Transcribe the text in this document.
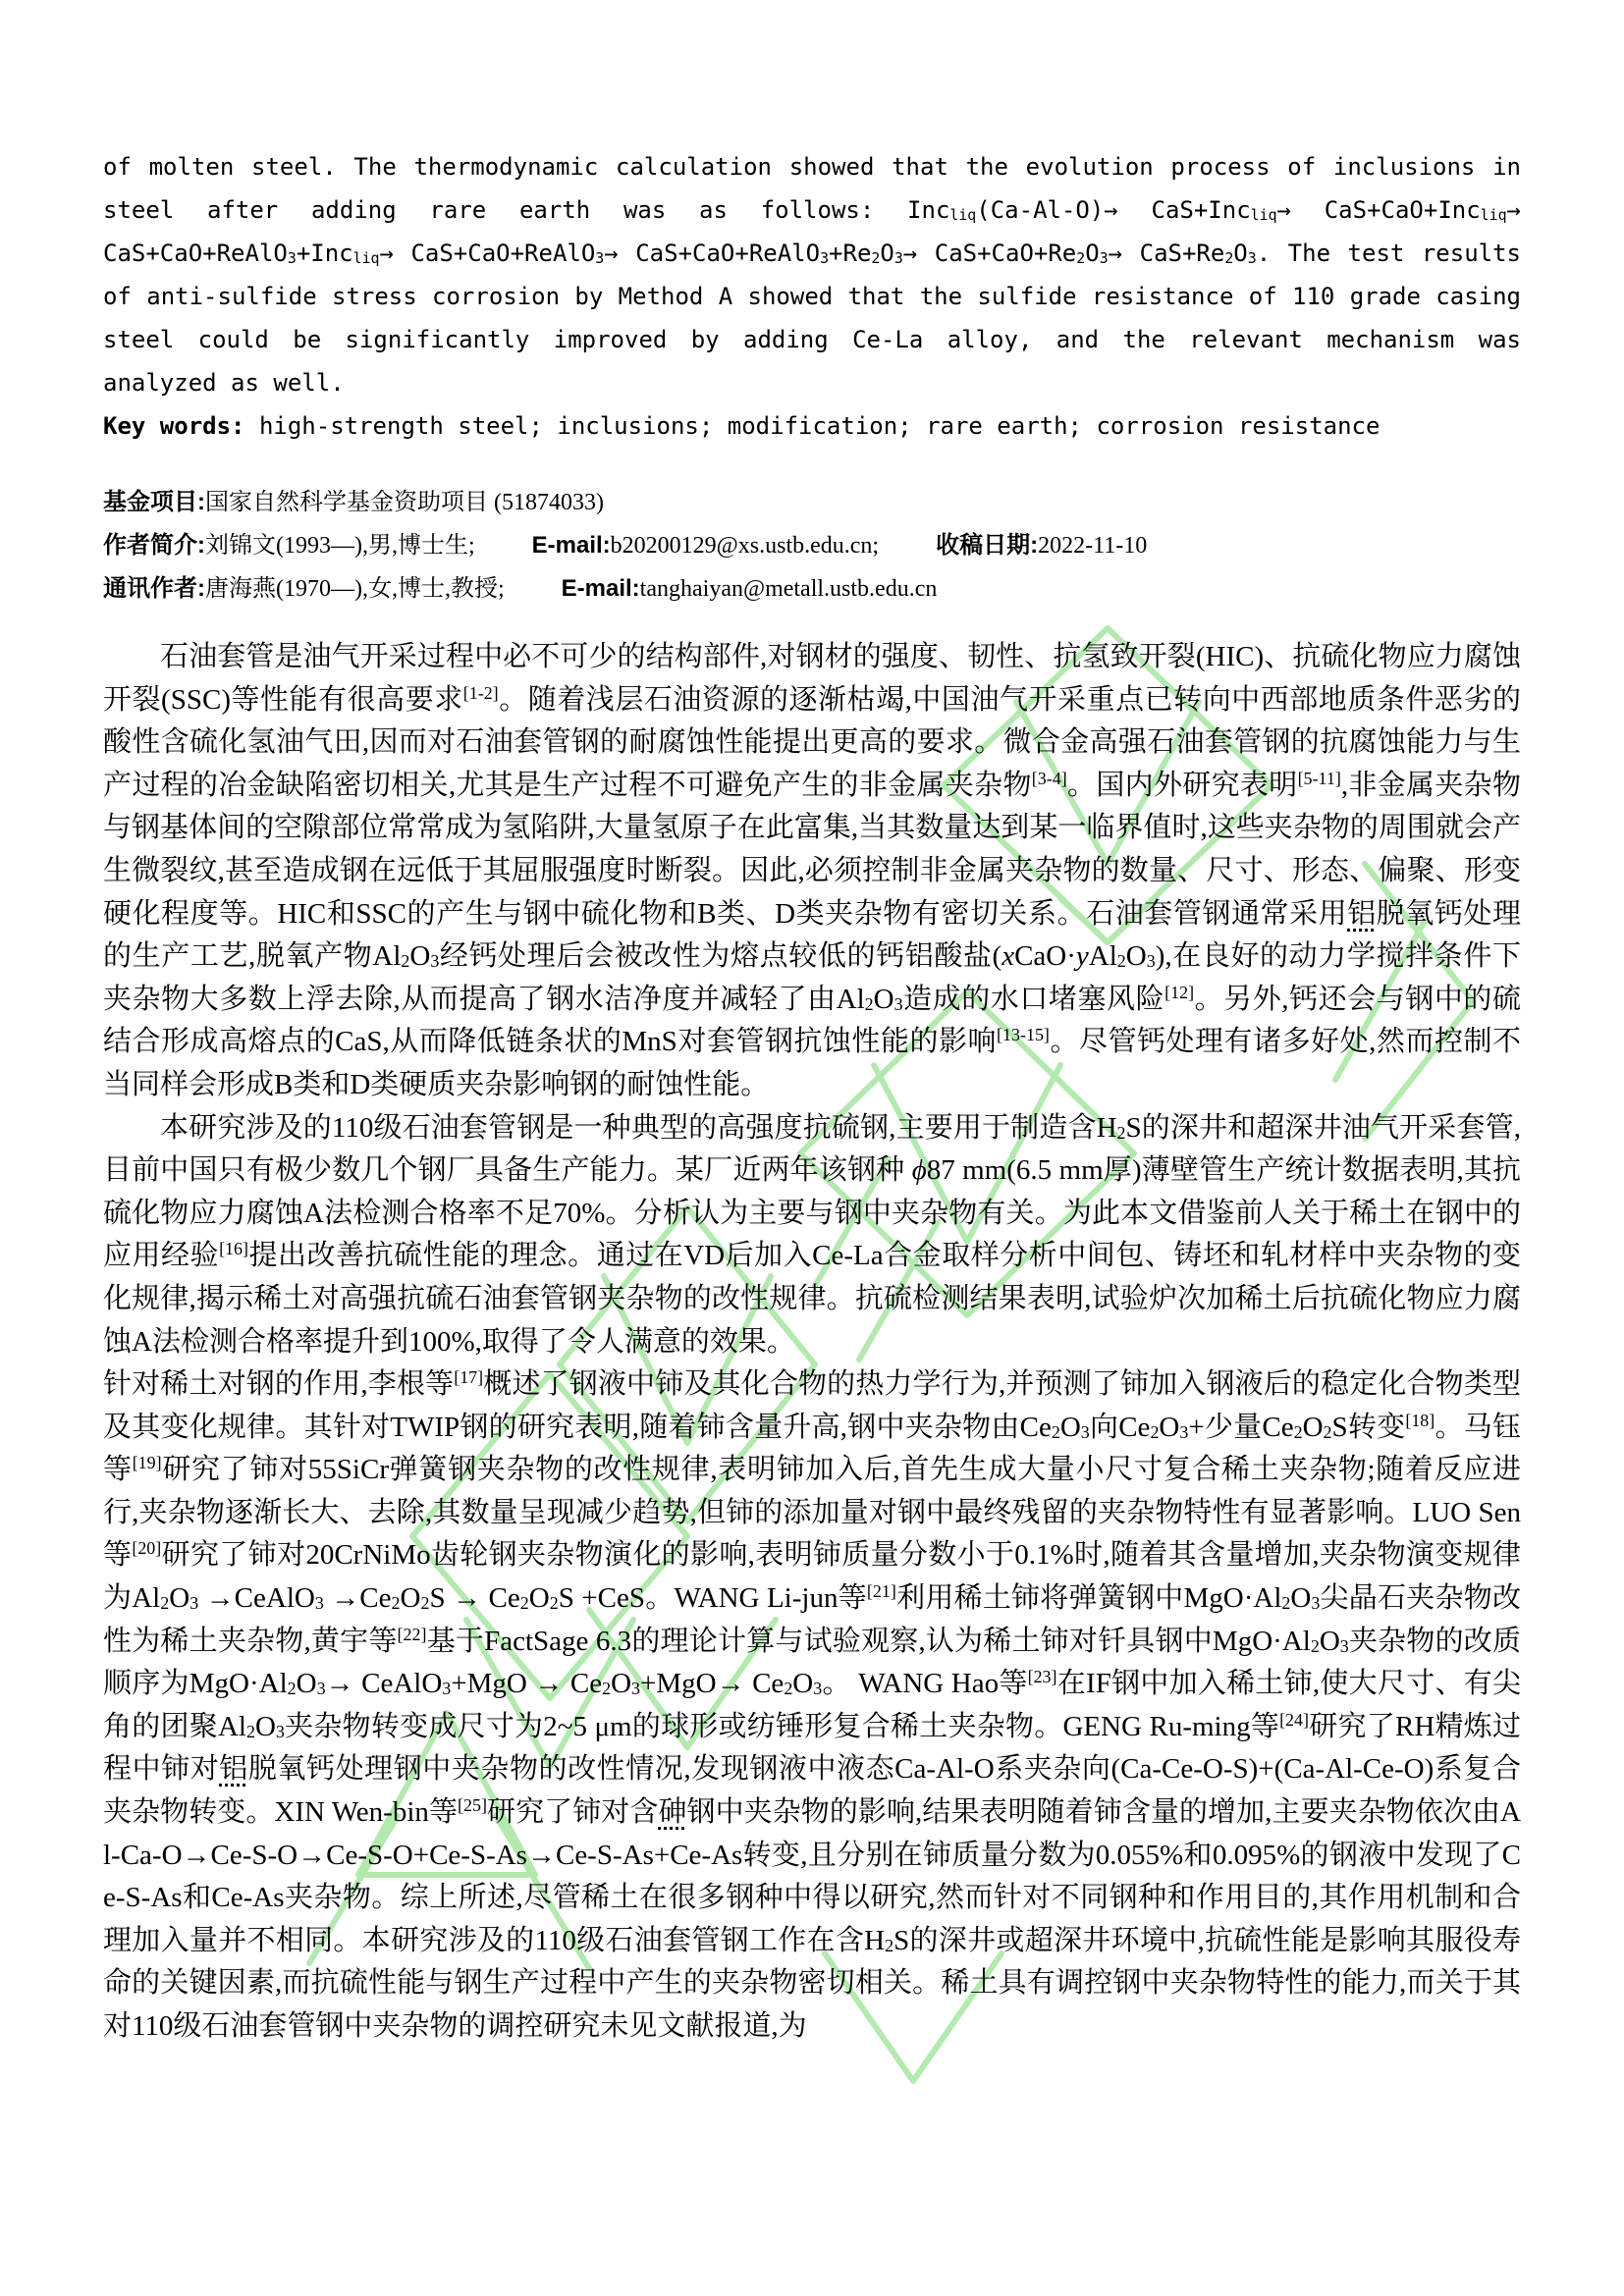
of molten steel. The thermodynamic calculation showed that the evolution process of inclusions in steel after adding rare earth was as follows: Inc$_{liq}$(Ca-Al-O)→ CaS+Inc$_{liq}$→ CaS+CaO+Inc$_{liq}$→ CaS+CaO+ReAlO$_3$+Inc$_{liq}$→ CaS+CaO+ReAlO$_3$→ $CaS+CaO+ReAlO_3+Re_2O_3\to CaS+CaO+Re_2O_3\to CaS+Re_2O_3$. The test results of anti-sulfide stress corrosion by Method A showed that the sulfide resistance of 110 grade casing steel could be significantly improved by adding Ce-La alloy, and the relevant mechanism was analyzed as well.

Key words: high-strength steel; inclusions; modification; rare earth; corrosion resistance

基金项目:国家自然科学基金资助项目 (51874033)
作者简介:刘锦文(1993—),男,博士生; E-mail:b20200129@xs.ustb.edu.cn; 收稿日期:2022-11-10
通讯作者:唐海燕(1970—),女,博士,教授; E-mail:tanghaiyan@metall.ustb.edu.cn

石油套管是油气开采过程中必不可少的结构部件,对钢材的强度、韧性、抗氢致开裂(HIC)、抗硫化物应力腐蚀开裂(SSC)等性能有很高要求[1-2]。随着浅层石油资源的逐渐枯竭,中国油气开采重点已转向中西部地质条件恶劣的酸性含硫化氢油气田,因而对石油套管钢的耐腐蚀性能提出更高的要求。微合金高强石油套管钢的抗腐蚀能力与生产过程的冶金缺陷密切相关,尤其是生产过程不可避免产生的非金属夹杂物[3-4]。国内外研究表明[5-11],非金属夹杂物与钢基体间的空隙部位常常成为氢陷阱,大量氢原子在此富集,当其数量达到某一临界值时,这些夹杂物的周围就会产生微裂纹,甚至造成钢在远低于其屈服强度时断裂。因此,必须控制非金属夹杂物的数量、尺寸、形态、偏聚、形变硬化程度等。HIC和SSC的产生与钢中硫化物和B类、D类夹杂物有密切关系。石油套管钢通常采用铝脱氧钙处理的生产工艺,脱氧产物$Al_2O_3$经钙处理后会被改性为熔点较低的钙铝酸盐$(xCaO\cdot yAl_2O_3)$,在良好的动力学搅拌条件下夹杂物大多数上浮去除,从而提高了钢水洁净度并减轻了由$Al_2O_3$造成的水口堵塞风险[12]。另外,钙还会与钢中的硫结合形成高熔点的CaS,从而降低链条状的MnS对套管钢抗蚀性能的影响[13-15]。尽管钙处理有诸多好处,然而控制不当同样会形成B类和D类硬质夹杂影响钢的耐蚀性能。

本研究涉及的110级石油套管钢是一种典型的高强度抗硫钢,主要用于制造含$H_2S$的深井和超深井油气开采套管,目前中国只有极少数几个钢厂具备生产能力。某厂近两年该钢种 ϕ87 mm(6.5 mm厚)薄壁管生产统计数据表明,其抗硫化物应力腐蚀A法检测合格率不足70%。分析认为主要与钢中夹杂物有关。为此本文借鉴前人关于稀土在钢中的应用经验[16]提出改善抗硫性能的理念。通过在VD后加入Ce-La合金取样分析中间包、铸坯和轧材样中夹杂物的变化规律,揭示稀土对高强抗硫石油套管钢夹杂物的改性规律。抗硫检测结果表明,试验炉次加稀土后抗硫化物应力腐蚀A法检测合格率提升到100%,取得了令人满意的效果。

针对稀土对钢的作用,李根等[17]概述了钢液中铈及其化合物的热力学行为,并预测了铈加入钢液后的稳定化合物类型及其变化规律。其针对TWIP钢的研究表明,随着铈含量升高,钢中夹杂物由$Ce_2O_3$向$Ce_2O_3+$少量$Ce_2O_2S$转变[18]。马钰等[19]研究了铈对55SiCr弹簧钢夹杂物的改性规律,表明铈加入后,首先生成大量小尺寸复合稀土夹杂物;随着反应进行,夹杂物逐渐长大、去除,其数量呈现减少趋势,但铈的添加量对钢中最终残留的夹杂物特性有显著影响。LUO Sen等[20]研究了铈对20CrNiMo齿轮钢夹杂物演化的影响,表明铈质量分数小于0.1%时,随着其含量增加,夹杂物演变规律为$Al_2O_3$ →CeAlO$_3$ $\to Ce_2O_2S \to Ce_2O_2S +CeS$。WANG Li-jun等[21]利用稀土铈将弹簧钢中$MgO\cdot Al_2O_3$尖晶石夹杂物改性为稀土夹杂物,黄宇等[22]基于FactSage 6.3的理论计算与试验观察,认为稀土铈对钎具钢中$MgO\cdot Al_2O_3$夹杂物的改质顺序为$MgO\cdot Al_2O_3\to$ CeAlO$_3$+MgO → $Ce_2O_3+MgO\to Ce_2O_3$。 WANG Hao等[23]在IF钢中加入稀土铈,使大尺寸、有尖角的团聚$Al_2O_3$夹杂物转变成尺寸为2~5 μm的球形或纺锤形复合稀土夹杂物。GENG Ru-ming等[24]研究了RH精炼过程中铈对铝脱氧钙处理钢中夹杂物的改性情况,发现钢液中液态Ca-Al-O系夹杂向(Ca-Ce-O-S)+(Ca-Al-Ce-O)系复合夹杂物转变。XIN Wen-bin等[25]研究了铈对含砷钢中夹杂物的影响,结果表明随着铈含量的增加,主要夹杂物依次由Al-Ca-O→Ce-S-O→Ce-S-O+Ce-S-As→Ce-S-As+Ce-As转变,且分别在铈质量分数为0.055%和0.095%的钢液中发现了Ce-S-As和Ce-As夹杂物。综上所述,尽管稀土在很多钢种中得以研究,然而针对不同钢种和作用目的,其作用机制和合理加入量并不相同。本研究涉及的110级石油套管钢工作在含$H_2S$的深井或超深井环境中,抗硫性能是影响其服役寿命的关键因素,而抗硫性能与钢生产过程中产生的夹杂物密切相关。稀土具有调控钢中夹杂物特性的能力,而关于其对110级石油套管钢中夹杂物的调控研究未见文献报道,为
